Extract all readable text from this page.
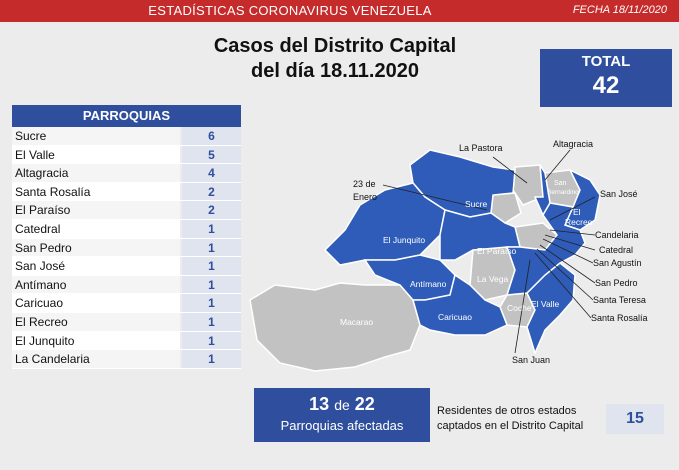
ESTADÍSTICAS CORONAVIRUS VENEZUELA	FECHA 18/11/2020
Casos del Distrito Capital
del día 18.11.2020	TOTAL
42
PARROQUIAS
Sucre	6
El Valle	5
Altagracia	4
Santa Rosalía	2
El Paraíso	2
Catedral	1
San Pedro	1
San José	1
Antímano	1
Caricuao	1
El Recreo	1
El Junquito	1
La Candelaria	1
Sucre
El Junquito
El Paraíso
Antímano
Caricuao
El Valle
El
Recreo
La Vega
Coche
Macarao
San
Bernardino
La Pastora	Altagracia
23 de
Enero	San José
Candelaria
Catedral
San Agustín
San Pedro
Santa Teresa
Santa Rosalía
San Juan
13 de 22
Parroquias afectadas
Residentes de otros estados captados en el Distrito Capital	15
